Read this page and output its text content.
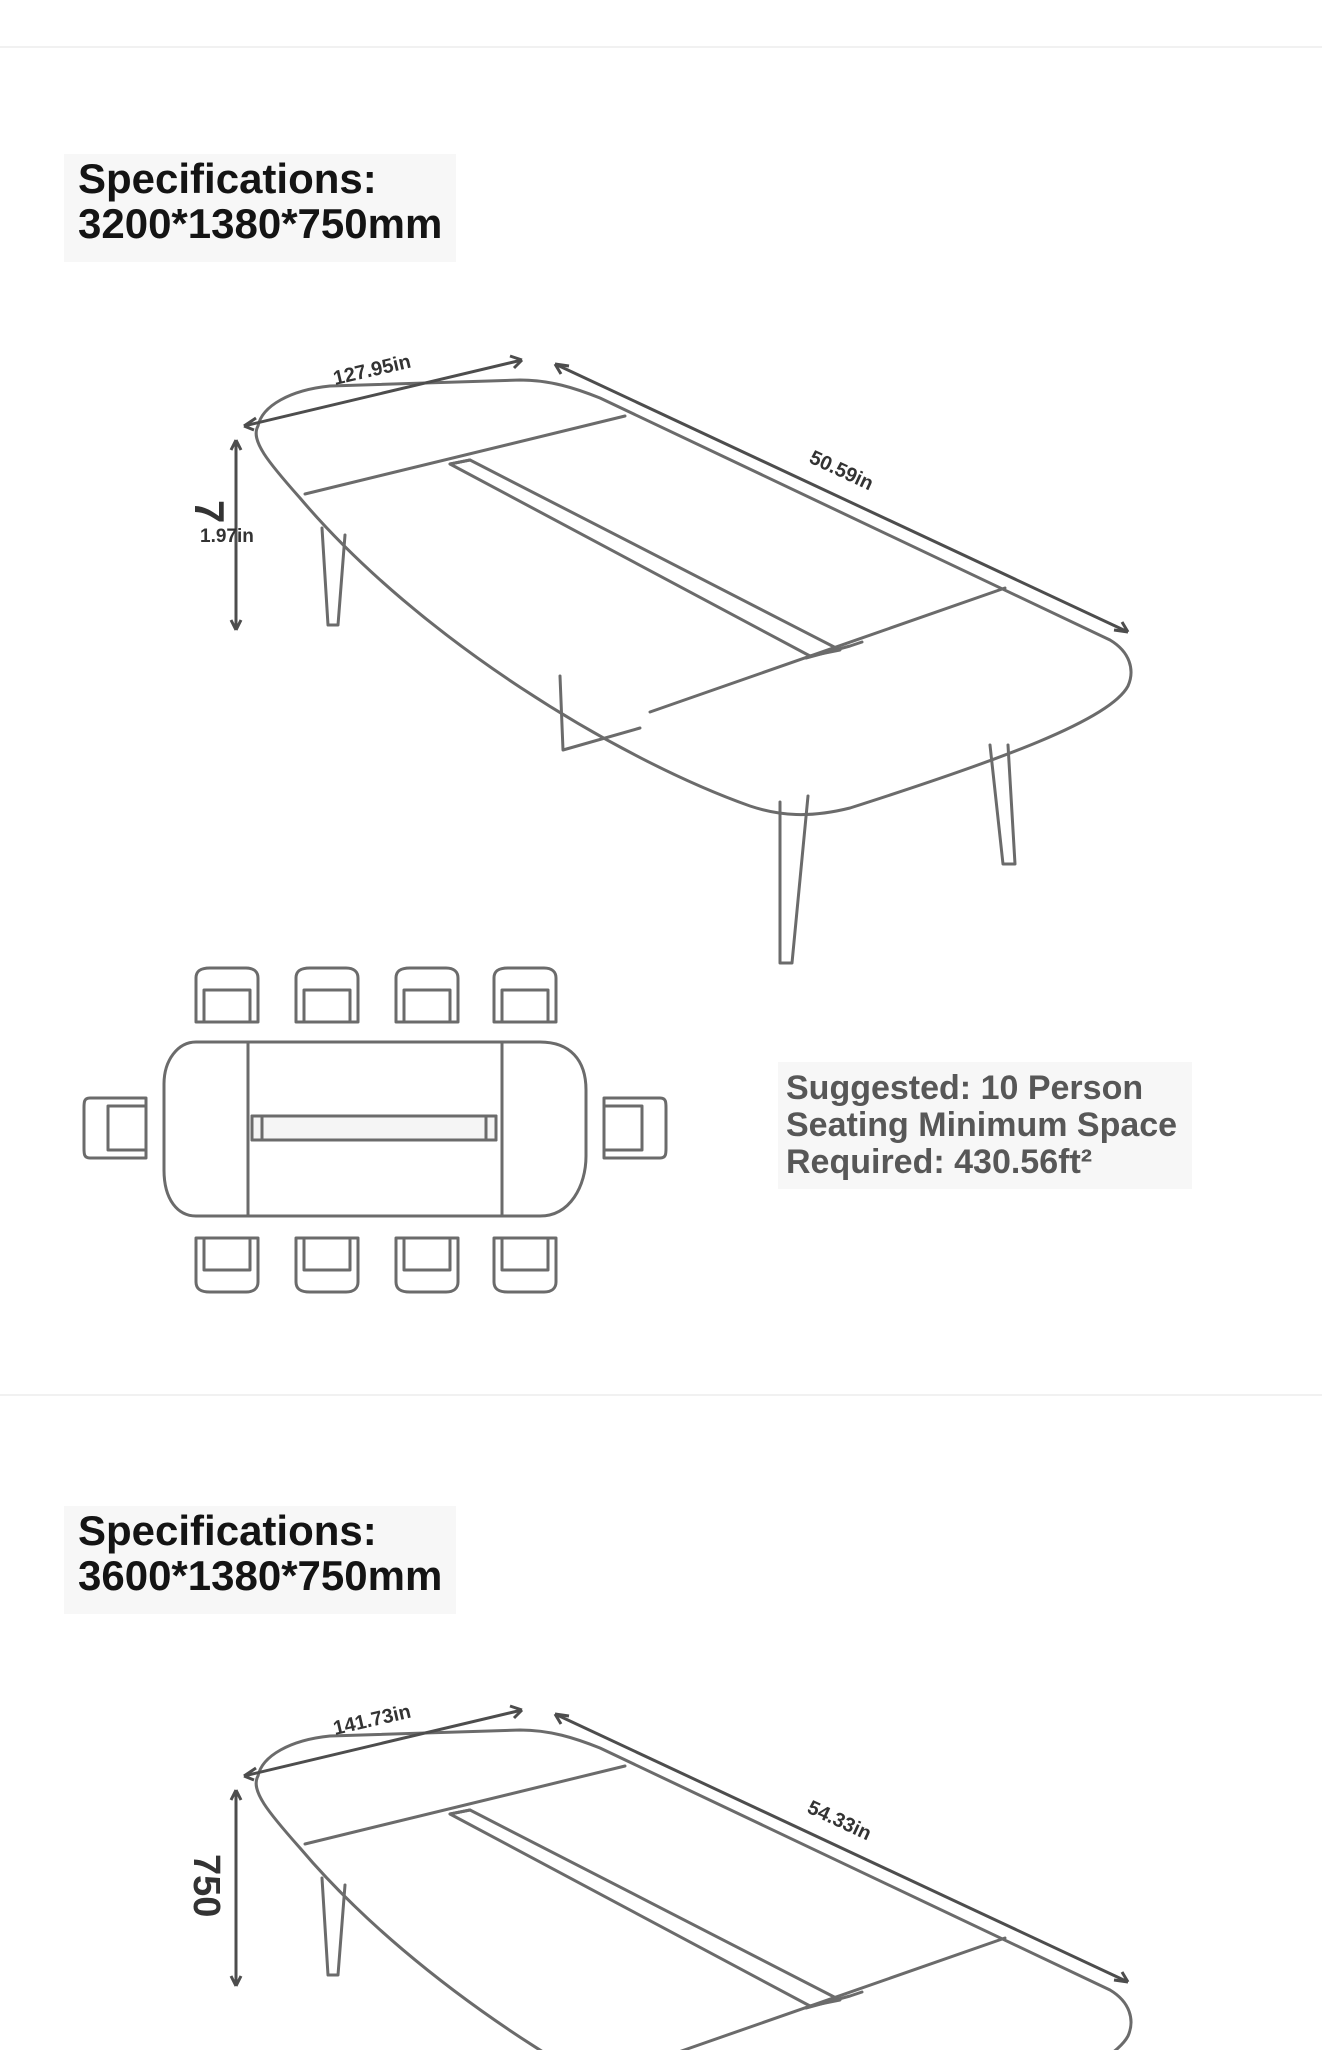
Specifications:
3200*1380*750mm
127.95in
50.59in
7
1.97in
Suggested: 10 Person
Seating Minimum Space
Required: 430.56ft²
Specifications:
3600*1380*750mm
141.73in
54.33in
750
